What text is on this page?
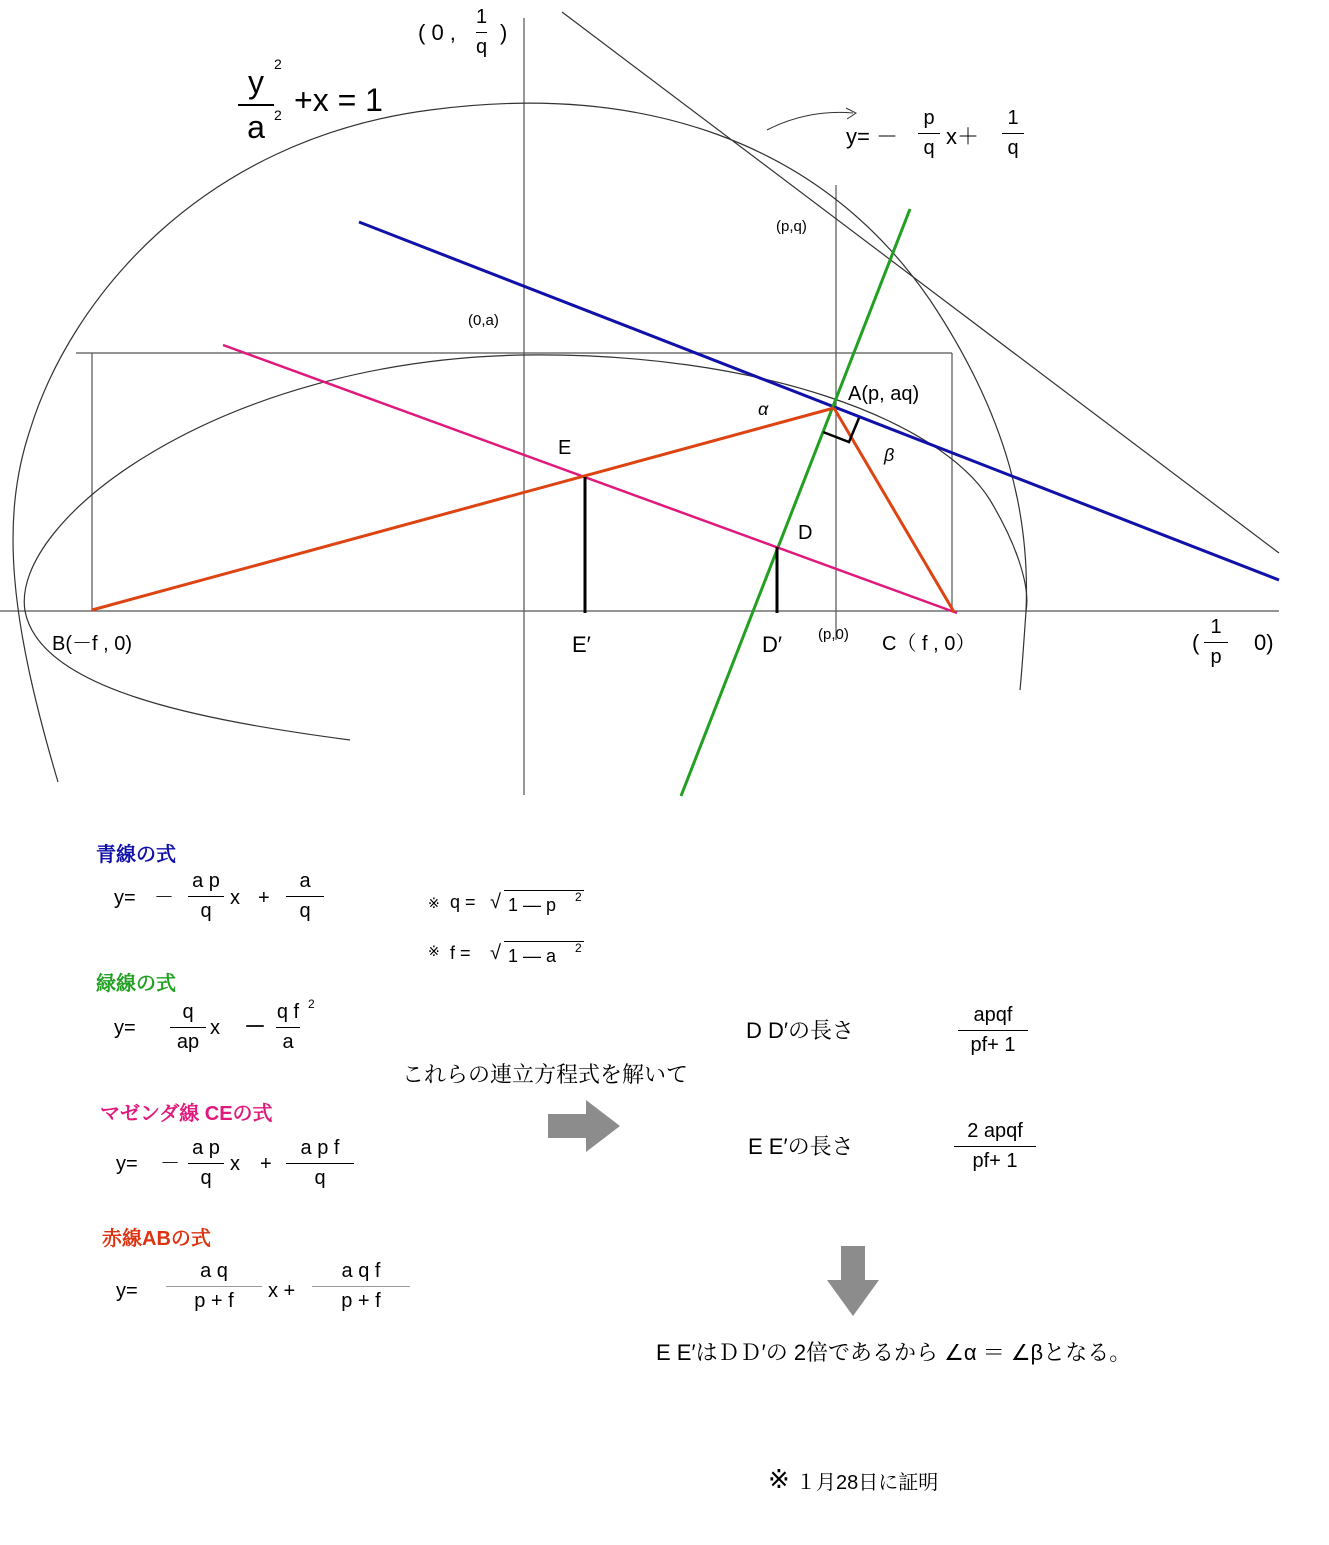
( 0 ,
1
q
)
y
a
2
2 +x = 1
y= －
p
q x＋
1
q
(p,q)
(0,a)
A(p, aq)
α
β
E
D
B(－f , 0)	E′	D′ (p,0) C（ f , 0）	(
1
p
0)
青線の式
y= －
a p
q
x +
a
q	※ q = √ 1 — p 2
※ f = √ 1 — a 2
緑線の式
y=
q
ap
x －
q f
a
2
マゼンダ線 CEの式
y= －
a p
q
x +
a p f
q
赤線ABの式
y=
a q
p + f x +
a q f
p + f
これらの連立方程式を解いて
D D′の長さ
apqf
pf+ 1
E E′の長さ
2 apqf
pf+ 1
E E′はＤＤ′の 2倍であるから ∠α ＝ ∠βとなる。
※ １月28日に証明
